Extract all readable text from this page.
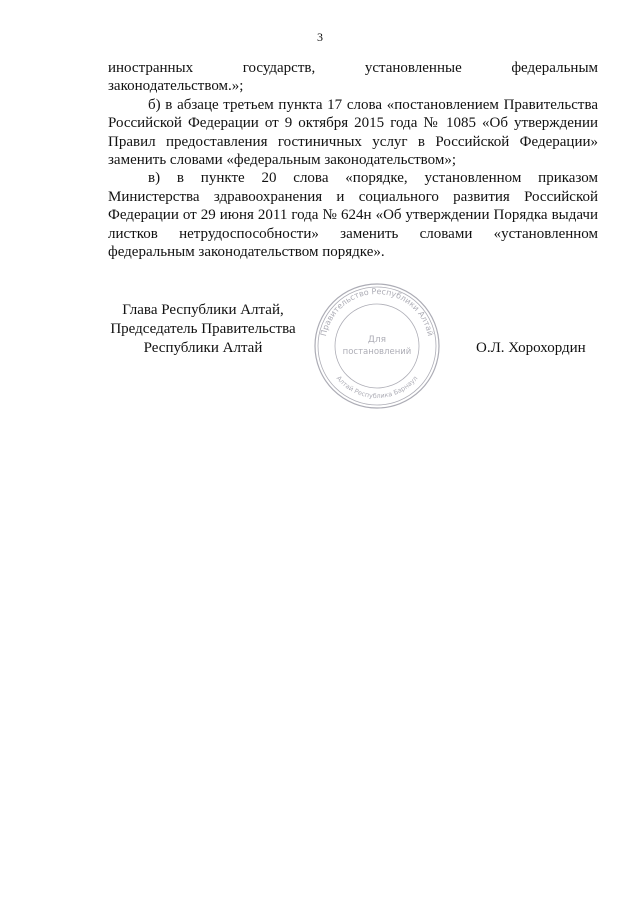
3

иностранных	государств,	установленные	федеральным

законодательством.»;

б) в абзаце третьем пункта 17 слова «постановлением Правительства Российской Федерации от 9 октября 2015 года № 1085 «Об утверждении Правил предоставления гостиничных услуг в Российской Федерации» заменить словами «федеральным законодательством»;

в) в пункте 20 слова «порядке, установленном приказом Министерства здравоохранения и социального развития Российской Федерации от 29 июня 2011 года № 624н «Об утверждении Порядка выдачи листков нетрудоспособности» заменить словами «установленном федеральным законодательством порядке».

Глава Республики Алтай,
Председатель Правительства
Республики Алтай
Правительство Республики Алтай
Алтай Республика Барнаул
Для
постановлений	О.Л. Хорохордин
